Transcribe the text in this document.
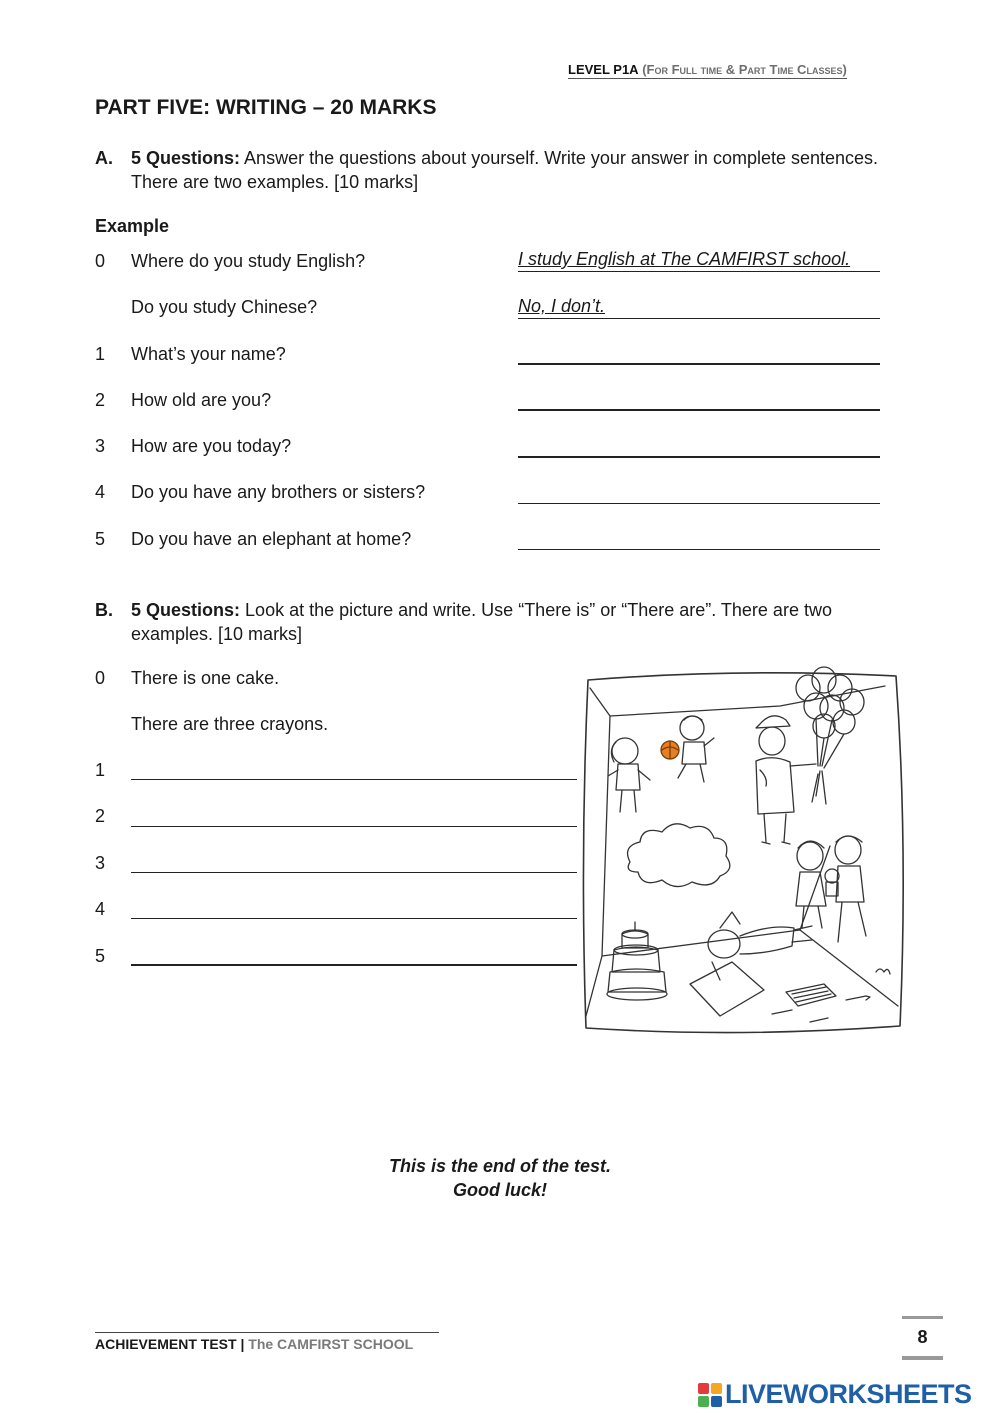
LEVEL P1A (For Full time & Part Time Classes)
PART FIVE: WRITING – 20 MARKS
A. 5 Questions: Answer the questions about yourself. Write your answer in complete sentences. There are two examples. [10 marks]
Example
0 Where do you study English?	I study English at The CAMFIRST school.
Do you study Chinese?	No, I don’t.
1 What’s your name?
2 How old are you?
3 How are you today?
4 Do you have any brothers or sisters?
5 Do you have an elephant at home?
B. 5 Questions: Look at the picture and write. Use “There is” or “There are”. There are two examples. [10 marks]
0 There is one cake.
There are three crayons.
1
2
3
4
5
This is the end of the test.
Good luck!
ACHIEVEMENT TEST | The CAMFIRST SCHOOL	8
LIVEWORKSHEETS
